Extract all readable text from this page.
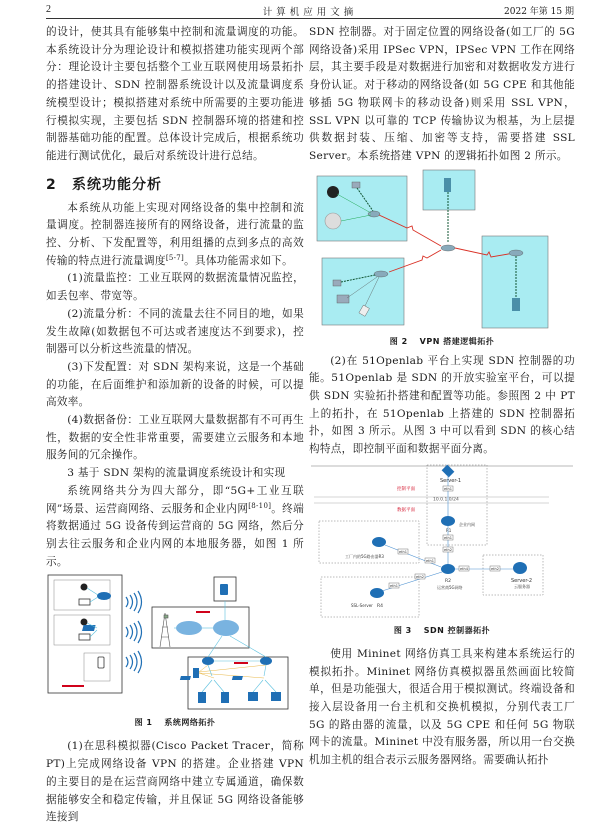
2	计算机应用文摘	2022 年第 15 期

的设计，使其具有能够集中控制和流量调度的功能。本系统设计分为理论设计和模拟搭建功能实现两个部分：理论设计主要包括整个工业互联网使用场景拓扑的搭建设计、SDN 控制器系统设计以及流量调度系统模型设计；模拟搭建对系统中所需要的主要功能进行模拟实现，主要包括 SDN 控制器环境的搭建和控制器基础功能的配置。总体设计完成后，根据系统功能进行测试优化，最后对系统设计进行总结。

2 系统功能分析

本系统从功能上实现对网络设备的集中控制和流量调度。控制器连接所有的网络设备，进行流量的监控、分析、下发配置等，利用组播的点到多点的高效传输的特点进行流量调度[5-7]。具体功能需求如下。

(1)流量监控：工业互联网的数据流量情况监控，如丢包率、带宽等。

(2)流量分析：不同的流量去往不同目的地，如果发生故障(如数据包不可达或者速度达不到要求)，控制器可以分析这些流量的情况。

(3)下发配置：对 SDN 架构来说，这是一个基础的功能，在后面维护和添加新的设备的时候，可以提高效率。

(4)数据备份：工业互联网大量数据都有不可再生性，数据的安全性非常重要，需要建立云服务和本地服务间的冗余操作。

3 基于 SDN 架构的流量调度系统设计和实现

系统网络共分为四大部分，即“5G+工业互联网”场景、运营商网络、云服务和企业内网[8-10]。终端将数据通过 5G 设备传到运营商的 5G 网络，然后分别去往云服务和企业内网的本地服务器，如图 1 所示。

图 1 系统网络拓扑

(1)在思科模拟器(Cisco Packet Tracer，简称 PT)上完成网络设备 VPN 的搭建。企业搭建 VPN 的主要目的是在运营商网络中建立专属通道，确保数据能够安全和稳定传输，并且保证 5G 网络设备能够连接到

SDN 控制器。对于固定位置的网络设备(如工厂的 5G 网络设备)采用 IPSec VPN，IPSec VPN 工作在网络层，其主要手段是对数据进行加密和对数据收发方进行身份认证。对于移动的网络设备(如 5G CPE 和其他能够插 5G 物联网卡的移动设备)则采用 SSL VPN，SSL VPN 以可靠的 TCP 传输协议为根基，为上层提供数据封装、压缩、加密等支持，需要搭建 SSL Server。本系统搭建 VPN 的逻辑拓扑如图 2 所示。

图 2 VPN 搭建逻辑拓扑

(2)在 51Openlab 平台上实现 SDN 控制器的功能。51Openlab 是 SDN 的开放实验室平台，可以提供 SDN 实验拓扑搭建和配置等功能。参照图 2 中 PT 上的拓扑，在 51Openlab 上搭建的 SDN 控制器拓扑，如图 3 所示。从图 3 中可以看到 SDN 的核心结构特点，即控制平面和数据平面分离。

控制平面
数据平面
10.0.1.0/24
Server-1
eth1
企业内网
R1
eth1
eth2
工厂内的5G路由器R3
eth1
eth1
R2
运营商5G网络
eth4	eth2
Server-2
云服务器
eth2
eth1
SSL-Server R4
图 3 SDN 控制器拓扑

使用 Mininet 网络仿真工具来构建本系统运行的模拟拓扑。Mininet 网络仿真模拟器虽然画面比较简单，但是功能强大，很适合用于模拟测试。终端设备和接入层设备用一台主机和交换机模拟，分别代表工厂 5G 的路由器的流量，以及 5G CPE 和任何 5G 物联网卡的流量。Mininet 中没有服务器，所以用一台交换机加主机的组合表示云服务器网络。需要确认拓扑
